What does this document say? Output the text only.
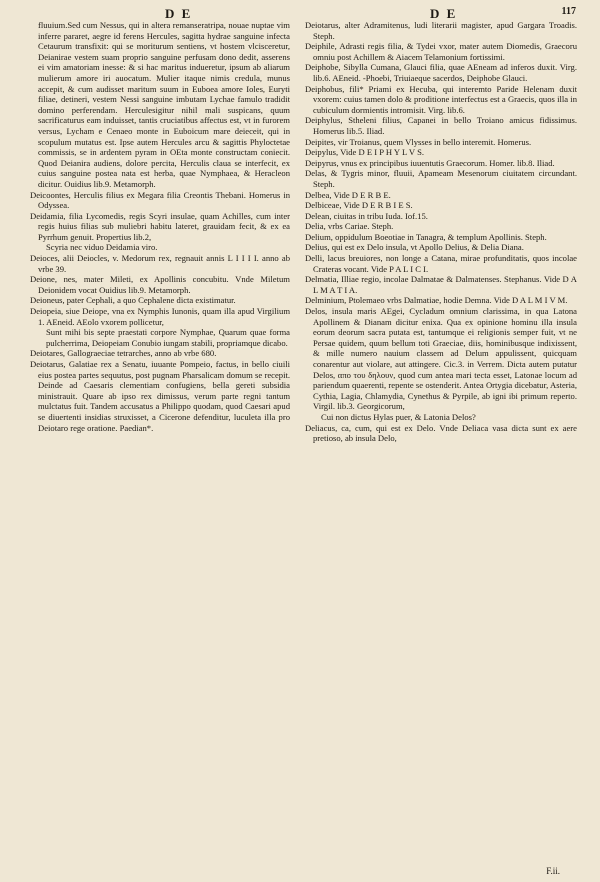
D E	D E	117

fluuium.Sed cum Nessus, qui in altera remanseratripa, nouae nuptae vim inferre pararet, aegre id ferens Hercules, sagitta hydrae sanguine infecta Cetaurum transfixit: qui se moriturum sentiens, vt hostem vlcisceretur, Deianirae vestem suam proprio sanguine perfusam dono dedit, asserens ei vim amatoriam inesse: & si hac maritus indueretur, ipsum ab aliarum mulierum amore iri auocatum. Mulier itaque nimis credula, munus accepit, & cum audisset maritum suum in Euboea amore Ioles, Euryti filiae, detineri, vestem Nessi sanguine imbutam Lychae famulo tradidit domino perferendam. Herculesigitur nihil mali suspicans, quum sacrificaturus eam induisset, tantis cruciatibus affectus est, vt in furorem versus, Lycham e Cenaeo monte in Euboicum mare deieceit, qui in scopulum mutatus est. Ipse autem Hercules arcu & sagittis Phyloctetae commissis, se in ardentem pyram in OEta monte constructam coniecit. Quod Deianira audiens, dolore percita, Herculis claua se interfecit, ex cuius sanguine postea nata est herba, quae Nymphaea, & Heracleon dicitur. Ouidius lib.9. Metamorph.

Deicoontes, Herculis filius ex Megara filia Creontis Thebani. Homerus in Odyssea.

Deidamia, filia Lycomedis, regis Scyri insulae, quam Achilles, cum inter regis huius filias sub muliebri habitu lateret, grauidam fecit, & ex ea Pyrrhum genuit. Propertius lib.2,

Scyria nec viduo Deidamia viro.

Deioces, alii Deiocles, v. Medorum rex, regnauit annis L I I I I. anno ab vrbe 39.

Deione, nes, mater Mileti, ex Apollinis concubitu. Vnde Miletum Deionidem vocat Ouidius lib.9. Metamorph.

Deioneus, pater Cephali, a quo Cephalene dicta existimatur.

Deiopeia, siue Deiope, vna ex Nymphis Iunonis, quam illa apud Virgilium 1. AEneid. AEolo vxorem pollicetur,

Sunt mihi bis septe praestati corpore Nymphae, Quarum quae forma pulcherrima, Deiopeiam Conubio iungam stabili, propriamque dicabo.

Deiotares, Gallograeciae tetrarches, anno ab vrbe 680.

Deiotarus, Galatiae rex a Senatu, iuuante Pompeio, factus, in bello ciuili eius postea partes sequutus, post pugnam Pharsalicam domum se recepit. Deinde ad Caesaris clementiam confugiens, bella gereti subsidia ministrauit. Quare ab ipso rex dimissus, verum parte regni tantum mulctatus fuit. Tandem accusatus a Philippo quodam, quod Caesari apud se diuertenti insidias struxisset, a Cicerone defenditur, luculeta illa pro Deiotaro rege oratione. Paedian*.

Deiotarus, alter Adramitenus, ludi literarii magister, apud Gargara Troadis. Steph.

Deiphile, Adrasti regis filia, & Tydei vxor, mater autem Diomedis, Graecoru omniu post Achillem & Aiacem Telamonium fortissimi.

Deiphobe, Sibylla Cumana, Glauci filia, quae AEneam ad inferos duxit. Virg. lib.6. AEneid. -Phoebi, Triuiaeque sacerdos, Deiphobe Glauci.

Deiphobus, fili* Priami ex Hecuba, qui interemto Paride Helenam duxit vxorem: cuius tamen dolo & proditione interfectus est a Graecis, quos illa in cubiculum dormientis intromisit. Virg. lib.6.

Deiphylus, Stheleni filius, Capanei in bello Troiano amicus fidissimus. Homerus lib.5. Iliad.

Deipites, vir Troianus, quem Vlysses in bello interemit. Homerus.

Deipylus, Vide D E I P H Y L V S.

Deipyrus, vnus ex principibus iuuentutis Graecorum. Homer. lib.8. Iliad.

Delas, & Tygris minor, fluuii, Apameam Mesenorum ciuitatem circundant. Steph.

Delbea, Vide D E R B E.

Delbiceae, Vide D E R B I E S.

Delean, ciuitas in tribu Iuda. Iof.15.

Delia, vrbs Cariae. Steph.

Delium, oppidulum Boeotiae in Tanagra, & templum Apollinis. Steph.

Delius, qui est ex Delo insula, vt Apollo Delius, & Delia Diana.

Delli, lacus breuiores, non longe a Catana, mirae profunditatis, quos incolae Crateras vocant. Vide P A L I C I.

Delmatia, Illiae regio, incolae Dalmatae & Dalmatenses. Stephanus. Vide D A L M A T I A.

Delminium, Ptolemaeo vrbs Dalmatiae, hodie Demna. Vide D A L M I V M.

Delos, insula maris AEgei, Cycladum omnium clarissima, in qua Latona Apollinem & Dianam dicitur enixa. Qua ex opinione hominu illa insula eorum deorum sacra putata est, tantumque ei religionis semper fuit, vt ne Persae quidem, quum bellum toti Graeciae, diis, hominibusque indixissent, & mille numero nauium classem ad Delum appulissent, quicquam conarentur aut violare, aut attingere. Cic.3. in Verrem. Dicta autem putatur Delos, απο του δηλουν, quod cum antea mari tecta esset, Latonae locum ad pariendum quaerenti, repente se ostenderit. Antea Ortygia dicebatur, Asteria, Cythia, Lagia, Chlamydia, Cynethus & Pyrpile, ab igni ibi primum reperto. Virgil. lib.3. Georgicorum,

Cui non dictus Hylas puer, & Latonia Delos?

Deliacus, ca, cum, qui est ex Delo. Vnde Deliaca vasa dicta sunt ex aere pretioso, ab insula Delo,

F.ii.
